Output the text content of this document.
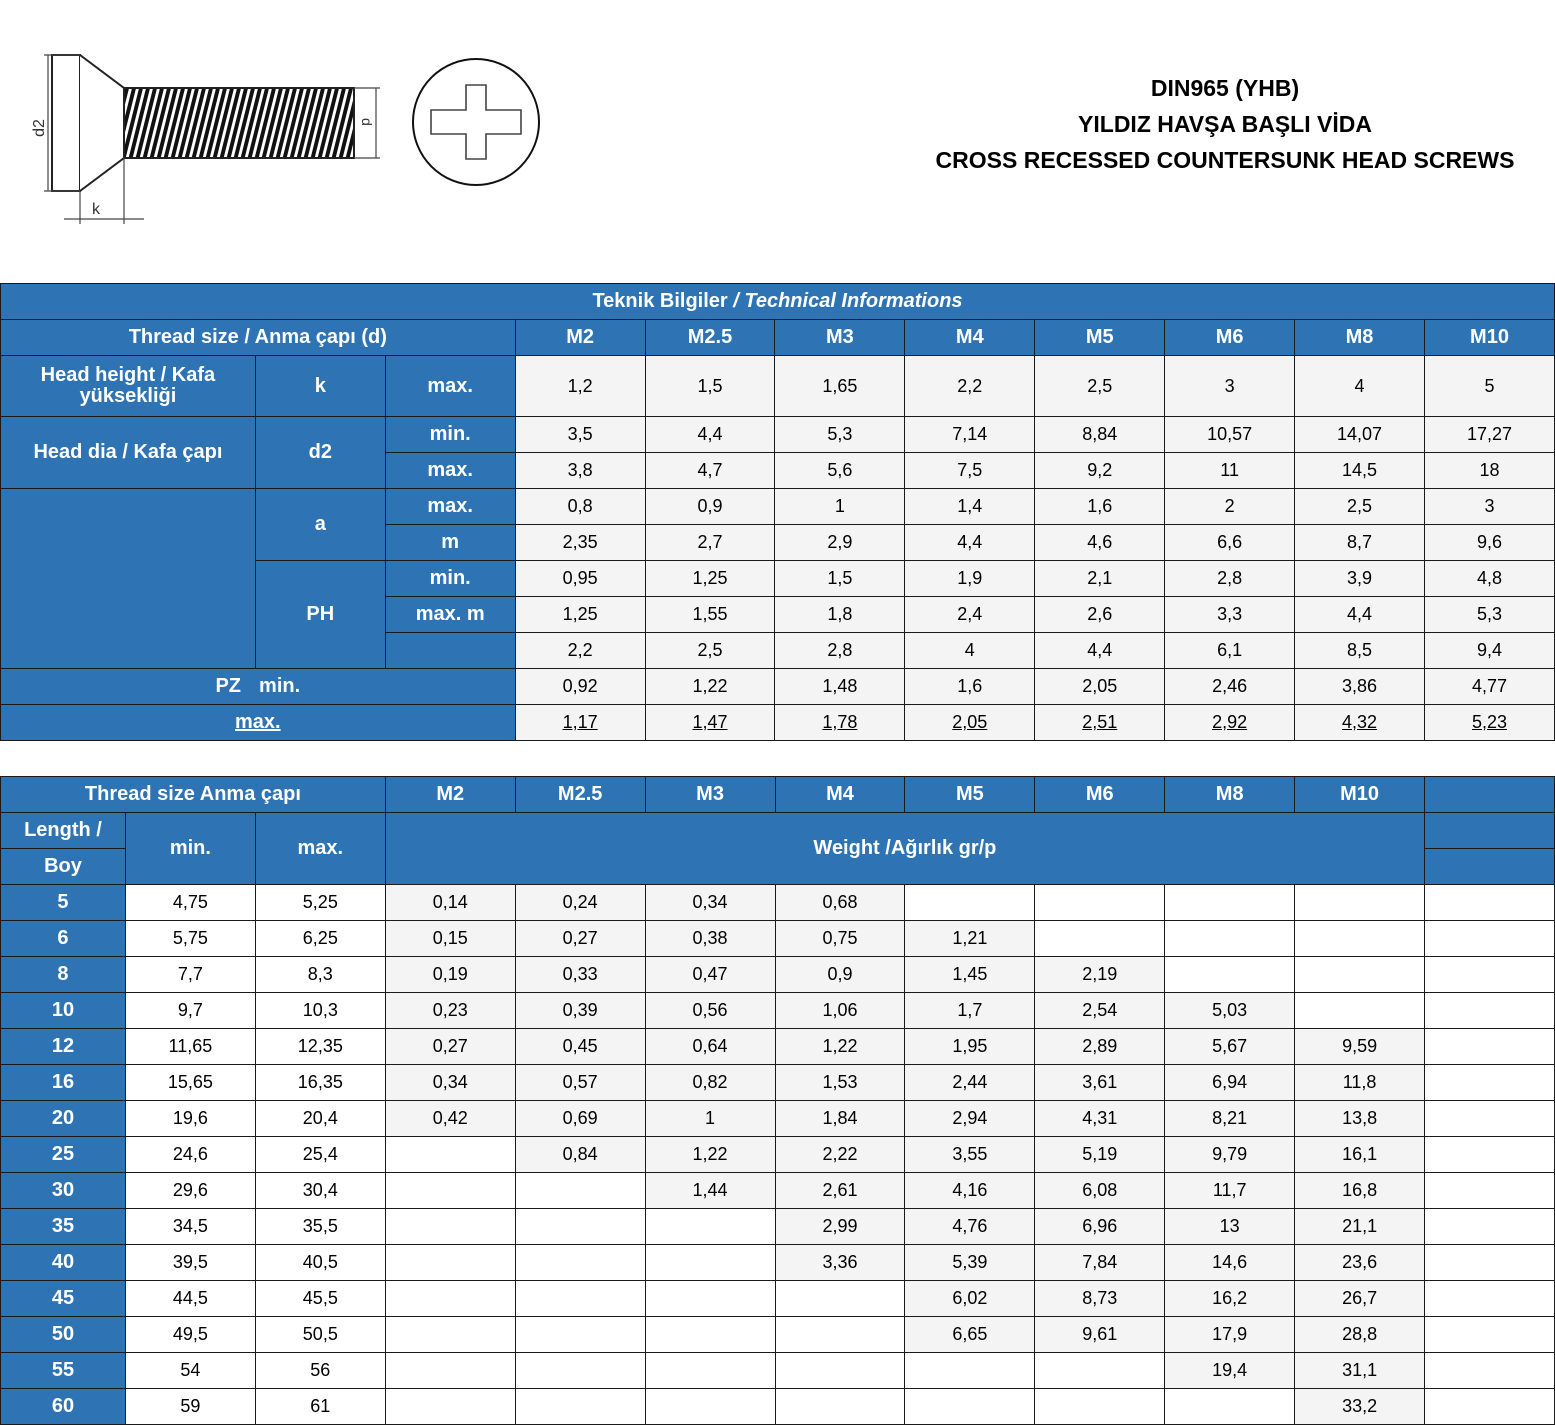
d2
k
d
DIN965 (YHB)
YILDIZ HAVŞA BAŞLI VİDA
CROSS RECESSED COUNTERSUNK HEAD SCREWS
Teknik Bilgiler / Technical Informations										
Thread size / Anma çapı (d)			M2	M2.5	M3	M4	M5	M6	M8	M10
Head height / Kafa yüksekliği	k	max.	1,2	1,5	1,65	2,2	2,5	3	4	5
Head dia / Kafa çapı	d2	min.	3,5	4,4	5,3	7,14	8,84	10,57	14,07	17,27
		max.	3,8	4,7	5,6	7,5	9,2	11	14,5	18
	a	max.	0,8	0,9	1	1,4	1,6	2	2,5	3
		m	2,35	2,7	2,9	4,4	4,6	6,6	8,7	9,6
	PH	min.	0,95	1,25	1,5	1,9	2,1	2,8	3,9	4,8
		max. m	1,25	1,55	1,8	2,4	2,6	3,3	4,4	5,3
			2,2	2,5	2,8	4	4,4	6,1	8,5	9,4
PZ min.			0,92	1,22	1,48	1,6	2,05	2,46	3,86	4,77
max.			1,17	1,47	1,78	2,05	2,51	2,92	4,32	5,23
Thread size Anma çapı			M2	M2.5	M3	M4	M5	M6	M8	M10	
Length /	min.	max.	Weight /Ağırlık gr/p								
Boy											
5	4,75	5,25	0,14	0,24	0,34	0,68					
6	5,75	6,25	0,15	0,27	0,38	0,75	1,21				
8	7,7	8,3	0,19	0,33	0,47	0,9	1,45	2,19			
10	9,7	10,3	0,23	0,39	0,56	1,06	1,7	2,54	5,03		
12	11,65	12,35	0,27	0,45	0,64	1,22	1,95	2,89	5,67	9,59	
16	15,65	16,35	0,34	0,57	0,82	1,53	2,44	3,61	6,94	11,8	
20	19,6	20,4	0,42	0,69	1	1,84	2,94	4,31	8,21	13,8	
25	24,6	25,4		0,84	1,22	2,22	3,55	5,19	9,79	16,1	
30	29,6	30,4			1,44	2,61	4,16	6,08	11,7	16,8	
35	34,5	35,5				2,99	4,76	6,96	13	21,1	
40	39,5	40,5				3,36	5,39	7,84	14,6	23,6	
45	44,5	45,5					6,02	8,73	16,2	26,7	
50	49,5	50,5					6,65	9,61	17,9	28,8	
55	54	56							19,4	31,1	
60	59	61								33,2	
